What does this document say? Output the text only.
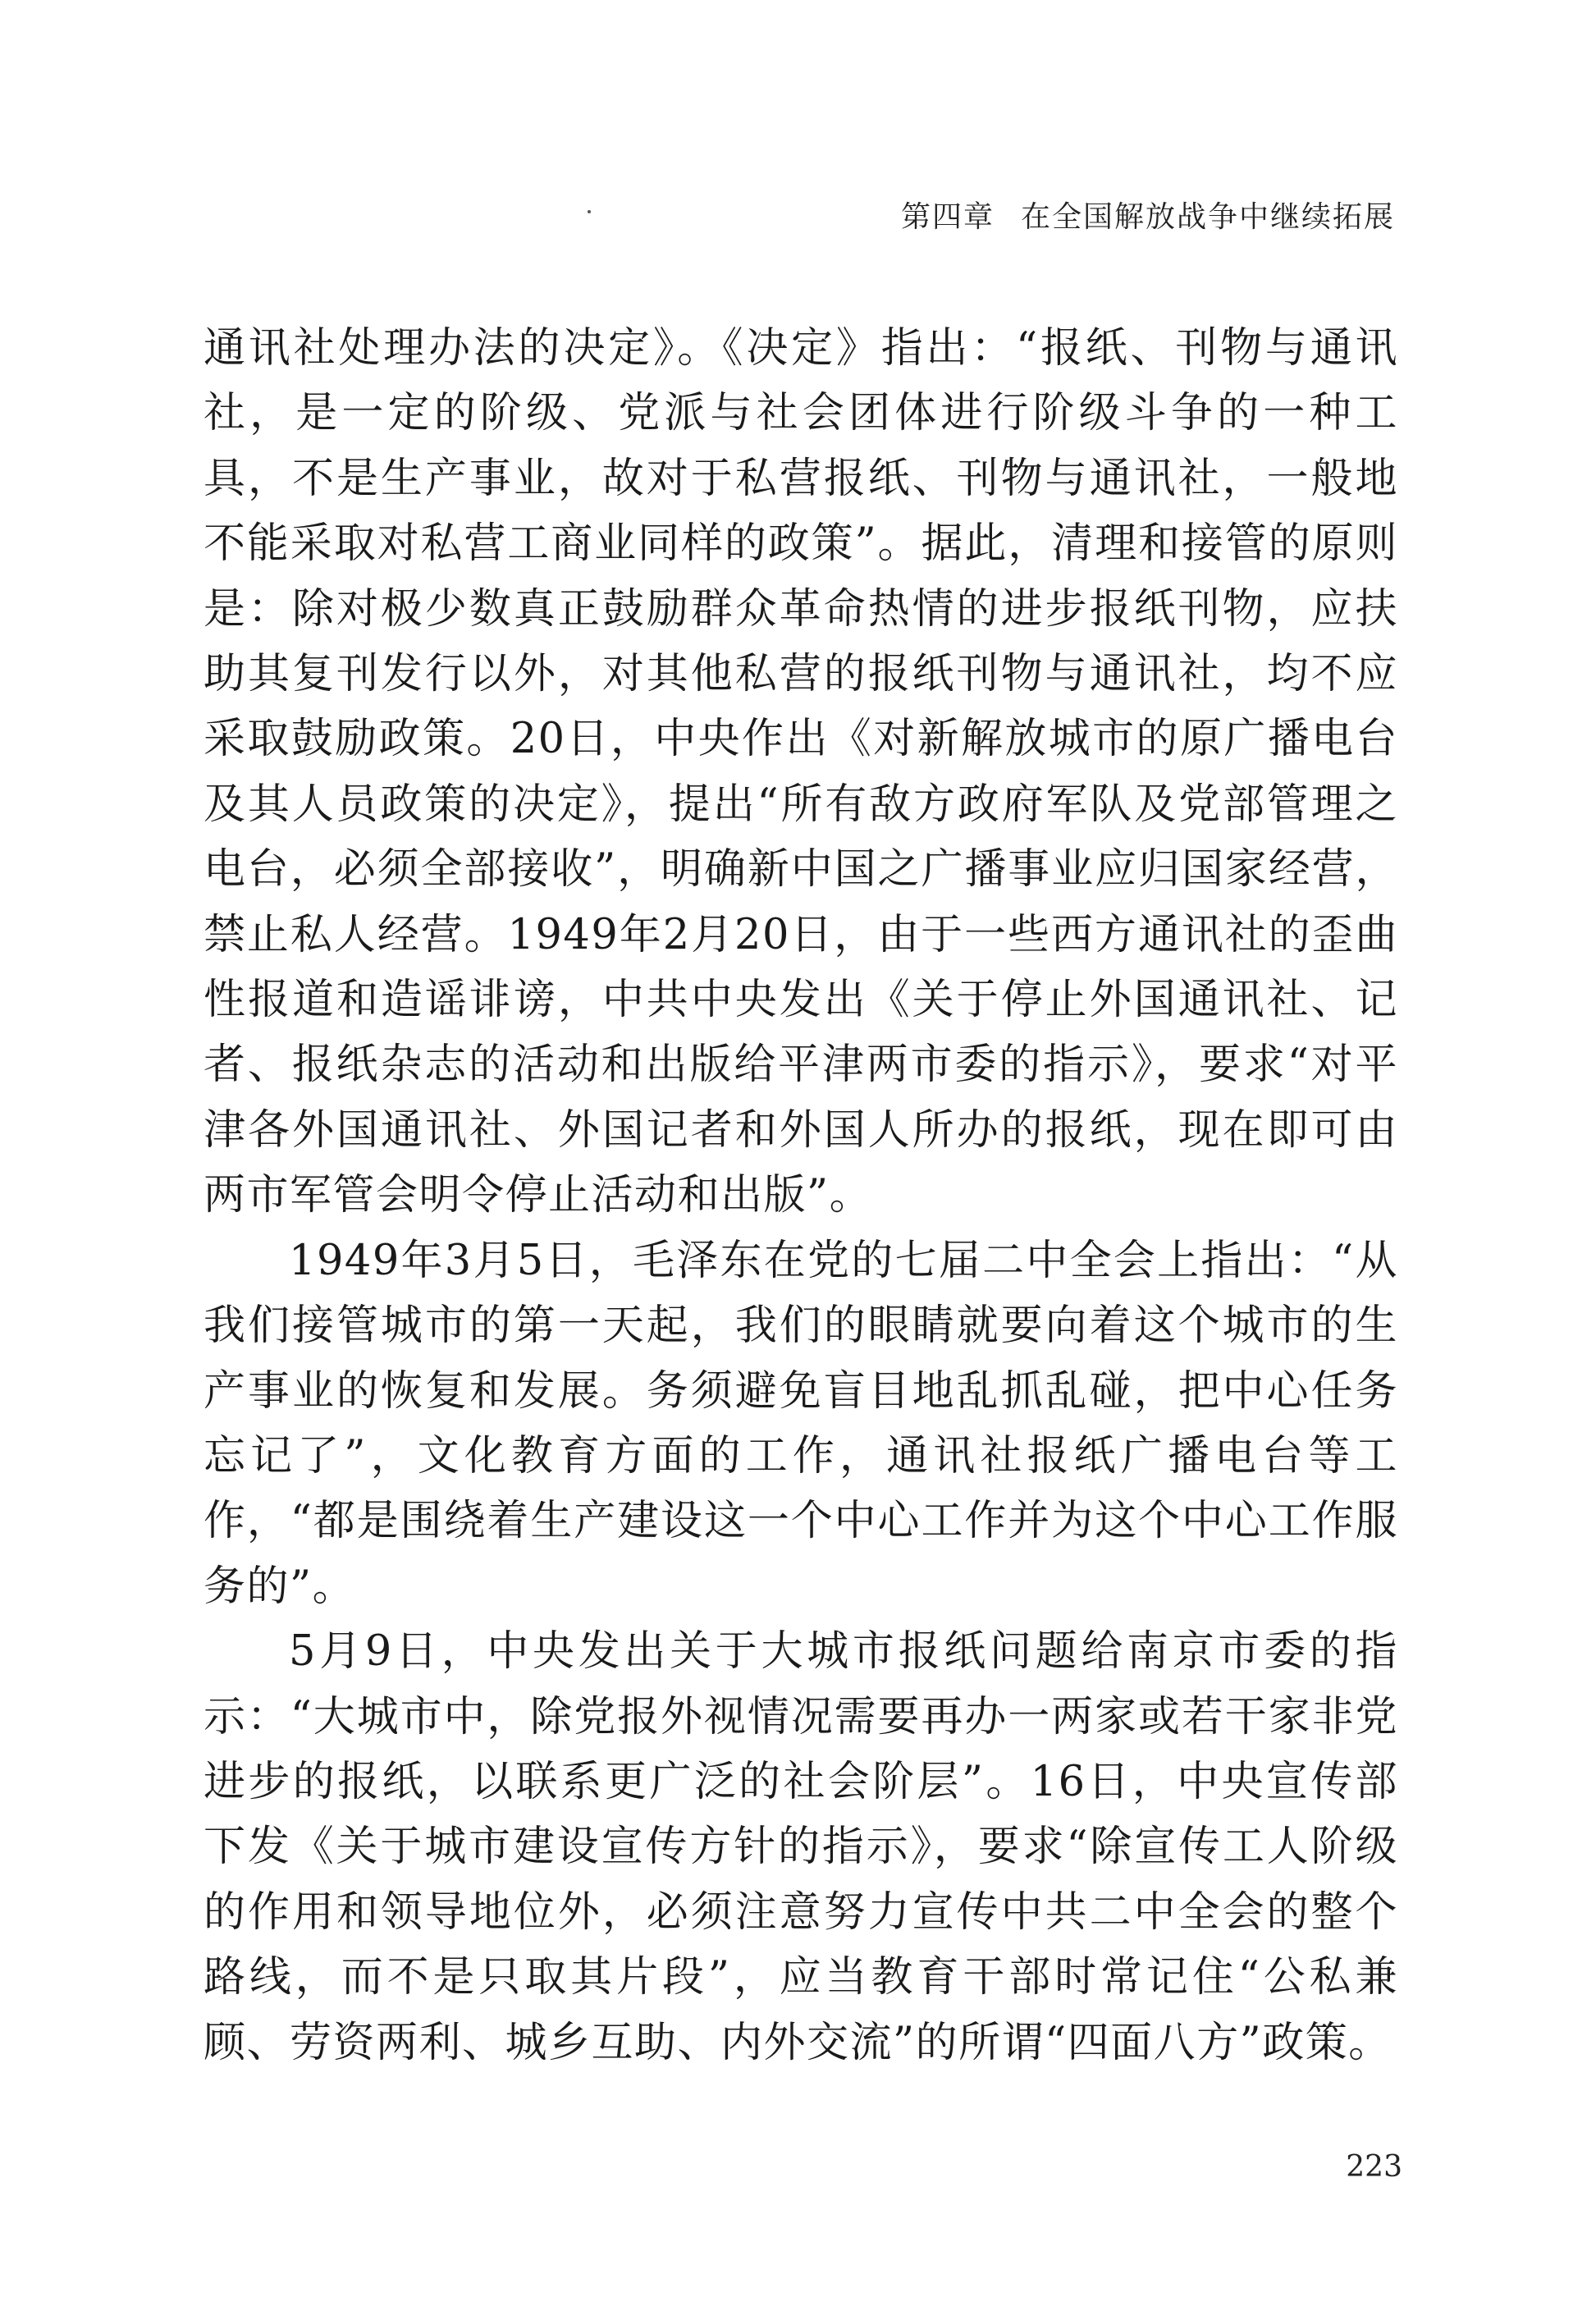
第四章 在全国解放战争中继续拓展

通讯社处理办法的决定》。《决定》指出：“报纸、刊物与通讯社，是一定的阶级、党派与社会团体进行阶级斗争的一种工具，不是生产事业，故对于私营报纸、刊物与通讯社，一般地不能采取对私营工商业同样的政策”。据此，清理和接管的原则是：除对极少数真正鼓励群众革命热情的进步报纸刊物，应扶助其复刊发行以外，对其他私营的报纸刊物与通讯社，均不应采取鼓励政策。20日，中央作出《对新解放城市的原广播电台及其人员政策的决定》，提出“所有敌方政府军队及党部管理之电台，必须全部接收”，明确新中国之广播事业应归国家经营，禁止私人经营。1949年2月20日，由于一些西方通讯社的歪曲性报道和造谣诽谤，中共中央发出《关于停止外国通讯社、记者、报纸杂志的活动和出版给平津两市委的指示》，要求“对平津各外国通讯社、外国记者和外国人所办的报纸，现在即可由两市军管会明令停止活动和出版”。

1949年3月5日，毛泽东在党的七届二中全会上指出：“从我们接管城市的第一天起，我们的眼睛就要向着这个城市的生产事业的恢复和发展。务须避免盲目地乱抓乱碰，把中心任务忘记了”，文化教育方面的工作，通讯社报纸广播电台等工作，“都是围绕着生产建设这一个中心工作并为这个中心工作服务的”。

5月9日，中央发出关于大城市报纸问题给南京市委的指示：“大城市中，除党报外视情况需要再办一两家或若干家非党进步的报纸，以联系更广泛的社会阶层”。16日，中央宣传部下发《关于城市建设宣传方针的指示》，要求“除宣传工人阶级的作用和领导地位外，必须注意努力宣传中共二中全会的整个路线，而不是只取其片段”，应当教育干部时常记住“公私兼顾、劳资两利、城乡互助、内外交流”的所谓“四面八方”政策。

223
